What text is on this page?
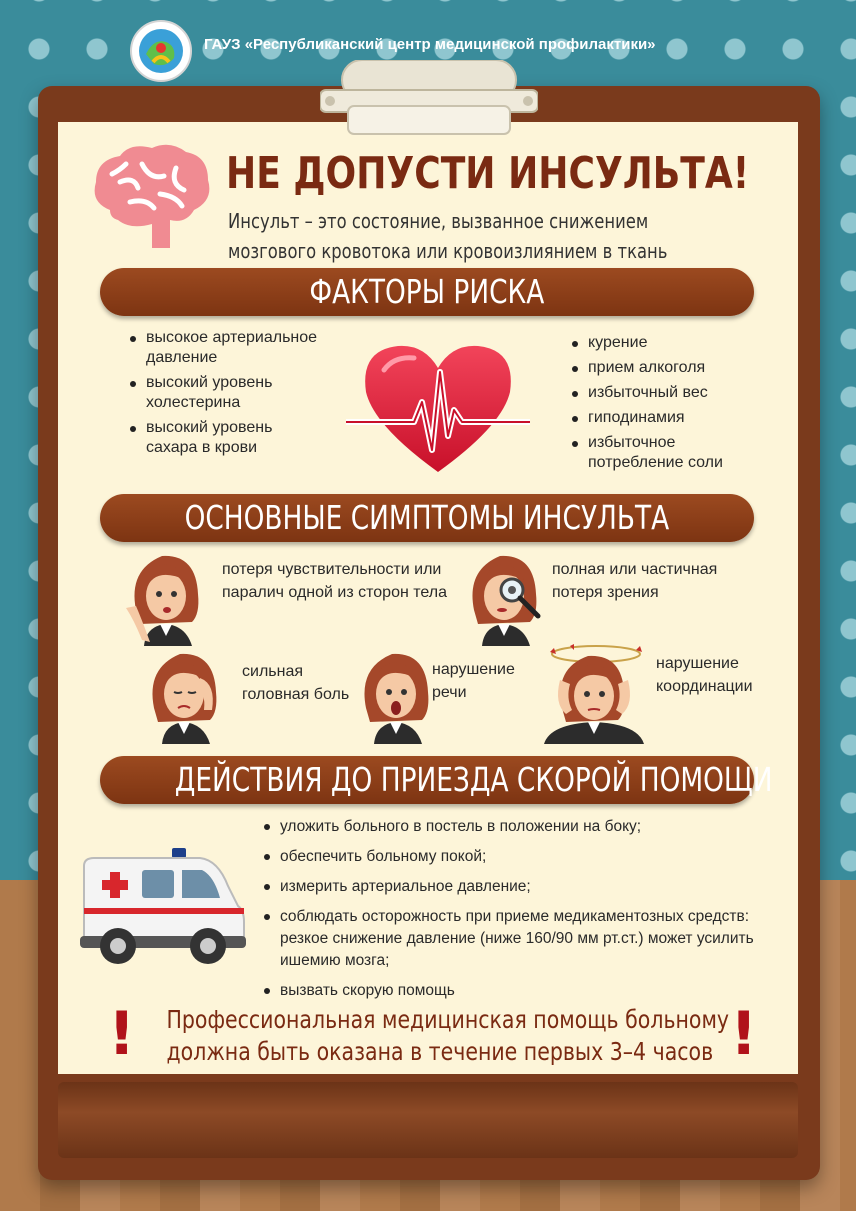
ГАУЗ «Республиканский центр медицинской профилактики»
НЕ ДОПУСТИ ИНСУЛЬТА!
Инсульт – это состояние, вызванное снижением
мозгового кровотока или кровоизлиянием в ткань
ФАКТОРЫ РИСКА
высокое артериальное давление
высокий уровень холестерина
высокий уровень сахара в крови
курение
прием алкоголя
избыточный вес
гиподинамия
избыточное потребление соли
ОСНОВНЫЕ СИМПТОМЫ ИНСУЛЬТА
потеря чувствительности или паралич одной из сторон тела
полная или частичная потеря зрения
сильная головная боль
нарушение речи
нарушение координации
ДЕЙСТВИЯ ДО ПРИЕЗДА СКОРОЙ ПОМОЩИ
уложить больного в постель в положении на боку;
обеспечить больному покой;
измерить артериальное давление;
соблюдать осторожность при приеме медикаментозных средств: резкое снижение давление (ниже 160/90 мм рт.ст.) может усилить ишемию мозга;
вызвать скорую помощь
! Профессиональная медицинская помощь больному
должна быть оказана в течение первых 3–4 часов !
